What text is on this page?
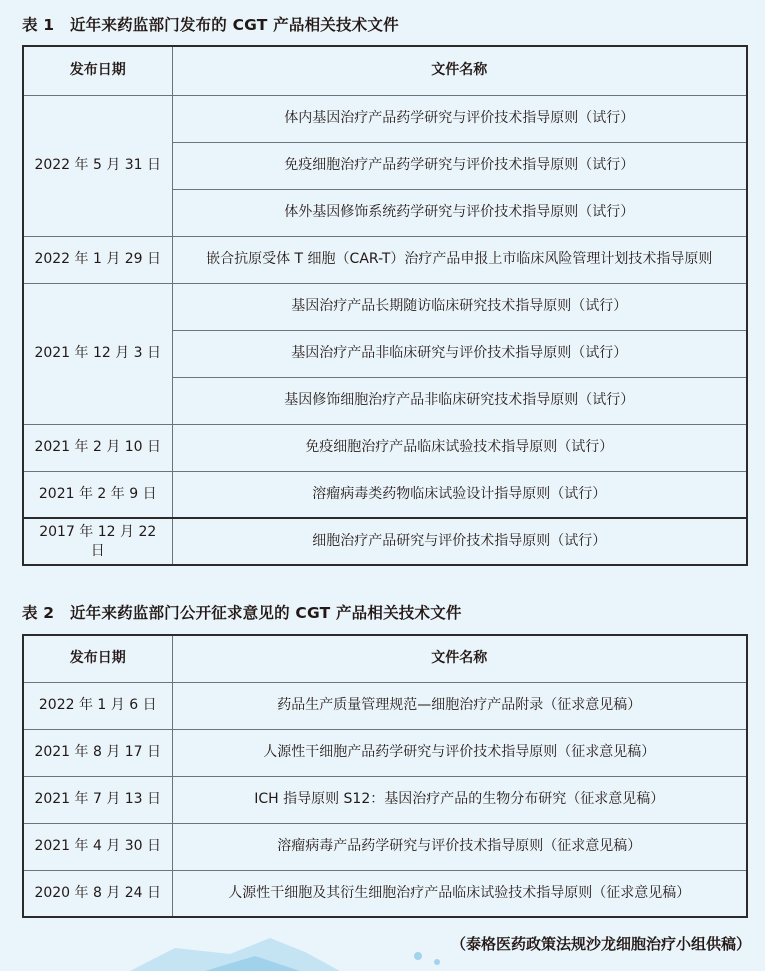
表 1　近年来药监部门发布的 CGT 产品相关技术文件
发布日期	文件名称
2022 年 5 月 31 日	体内基因治疗产品药学研究与评价技术指导原则（试行）
	免疫细胞治疗产品药学研究与评价技术指导原则（试行）
	体外基因修饰系统药学研究与评价技术指导原则（试行）
2022 年 1 月 29 日	嵌合抗原受体 T 细胞（CAR-T）治疗产品申报上市临床风险管理计划技术指导原则
2021 年 12 月 3 日	基因治疗产品长期随访临床研究技术指导原则（试行）
	基因治疗产品非临床研究与评价技术指导原则（试行）
	基因修饰细胞治疗产品非临床研究技术指导原则（试行）
2021 年 2 月 10 日	免疫细胞治疗产品临床试验技术指导原则（试行）
2021 年 2 年 9 日	溶瘤病毒类药物临床试验设计指导原则（试行）
2017 年 12 月 22 日	细胞治疗产品研究与评价技术指导原则（试行）
表 2　近年来药监部门公开征求意见的 CGT 产品相关技术文件
发布日期	文件名称
2022 年 1 月 6 日	药品生产质量管理规范—细胞治疗产品附录（征求意见稿）
2021 年 8 月 17 日	人源性干细胞产品药学研究与评价技术指导原则（征求意见稿）
2021 年 7 月 13 日	ICH 指导原则 S12：基因治疗产品的生物分布研究（征求意见稿）
2021 年 4 月 30 日	溶瘤病毒产品药学研究与评价技术指导原则（征求意见稿）
2020 年 8 月 24 日	人源性干细胞及其衍生细胞治疗产品临床试验技术指导原则（征求意见稿）

（泰格医药政策法规沙龙细胞治疗小组供稿）
